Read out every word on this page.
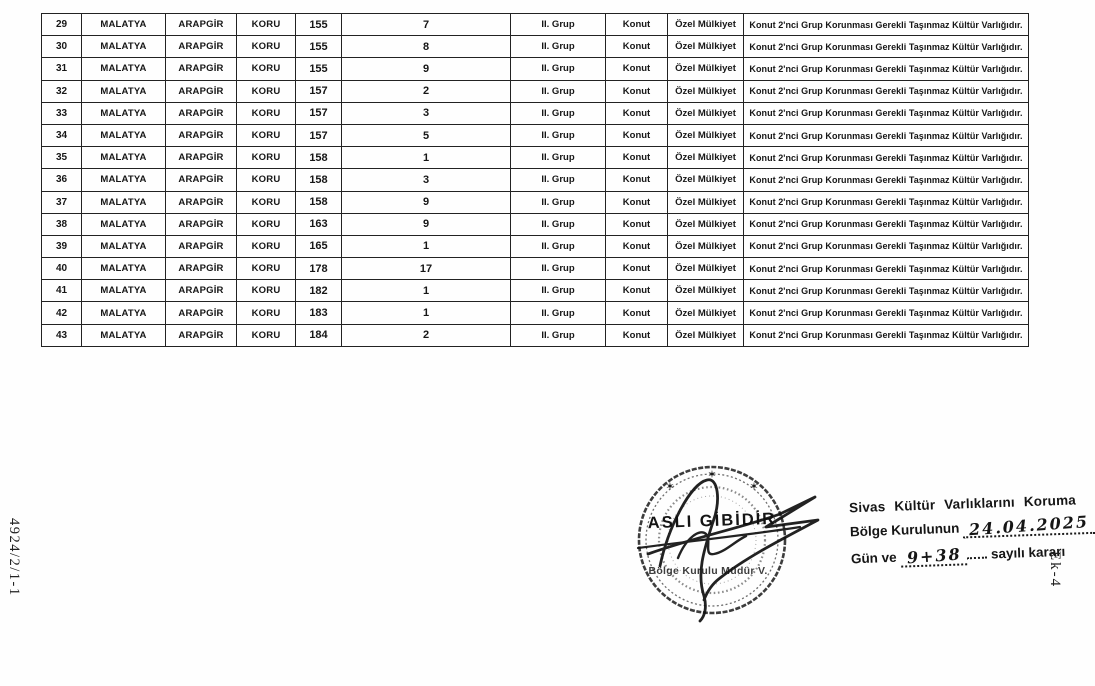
29	MALATYA	ARAPGİR	KORU	155	7	II. Grup	Konut	Özel Mülkiyet	Konut 2'nci Grup Korunması Gerekli Taşınmaz Kültür Varlığıdır.
30	MALATYA	ARAPGİR	KORU	155	8	II. Grup	Konut	Özel Mülkiyet	Konut 2'nci Grup Korunması Gerekli Taşınmaz Kültür Varlığıdır.
31	MALATYA	ARAPGİR	KORU	155	9	II. Grup	Konut	Özel Mülkiyet	Konut 2'nci Grup Korunması Gerekli Taşınmaz Kültür Varlığıdır.
32	MALATYA	ARAPGİR	KORU	157	2	II. Grup	Konut	Özel Mülkiyet	Konut 2'nci Grup Korunması Gerekli Taşınmaz Kültür Varlığıdır.
33	MALATYA	ARAPGİR	KORU	157	3	II. Grup	Konut	Özel Mülkiyet	Konut 2'nci Grup Korunması Gerekli Taşınmaz Kültür Varlığıdır.
34	MALATYA	ARAPGİR	KORU	157	5	II. Grup	Konut	Özel Mülkiyet	Konut 2'nci Grup Korunması Gerekli Taşınmaz Kültür Varlığıdır.
35	MALATYA	ARAPGİR	KORU	158	1	II. Grup	Konut	Özel Mülkiyet	Konut 2'nci Grup Korunması Gerekli Taşınmaz Kültür Varlığıdır.
36	MALATYA	ARAPGİR	KORU	158	3	II. Grup	Konut	Özel Mülkiyet	Konut 2'nci Grup Korunması Gerekli Taşınmaz Kültür Varlığıdır.
37	MALATYA	ARAPGİR	KORU	158	9	II. Grup	Konut	Özel Mülkiyet	Konut 2'nci Grup Korunması Gerekli Taşınmaz Kültür Varlığıdır.
38	MALATYA	ARAPGİR	KORU	163	9	II. Grup	Konut	Özel Mülkiyet	Konut 2'nci Grup Korunması Gerekli Taşınmaz Kültür Varlığıdır.
39	MALATYA	ARAPGİR	KORU	165	1	II. Grup	Konut	Özel Mülkiyet	Konut 2'nci Grup Korunması Gerekli Taşınmaz Kültür Varlığıdır.
40	MALATYA	ARAPGİR	KORU	178	17	II. Grup	Konut	Özel Mülkiyet	Konut 2'nci Grup Korunması Gerekli Taşınmaz Kültür Varlığıdır.
41	MALATYA	ARAPGİR	KORU	182	1	II. Grup	Konut	Özel Mülkiyet	Konut 2'nci Grup Korunması Gerekli Taşınmaz Kültür Varlığıdır.
42	MALATYA	ARAPGİR	KORU	183	1	II. Grup	Konut	Özel Mülkiyet	Konut 2'nci Grup Korunması Gerekli Taşınmaz Kültür Varlığıdır.
43	MALATYA	ARAPGİR	KORU	184	2	II. Grup	Konut	Özel Mülkiyet	Konut 2'nci Grup Korunması Gerekli Taşınmaz Kültür Varlığıdır.
✶
✶
✶
ASLI GİBİDİR
Bölge Kurulu Müdür V.
Sivas Kültür Varlıklarını Koruma
Bölge Kurulunun 24.04.2025
Gün ve 9+38 sayılı kararı
4924/2/1-1	Ek-4
